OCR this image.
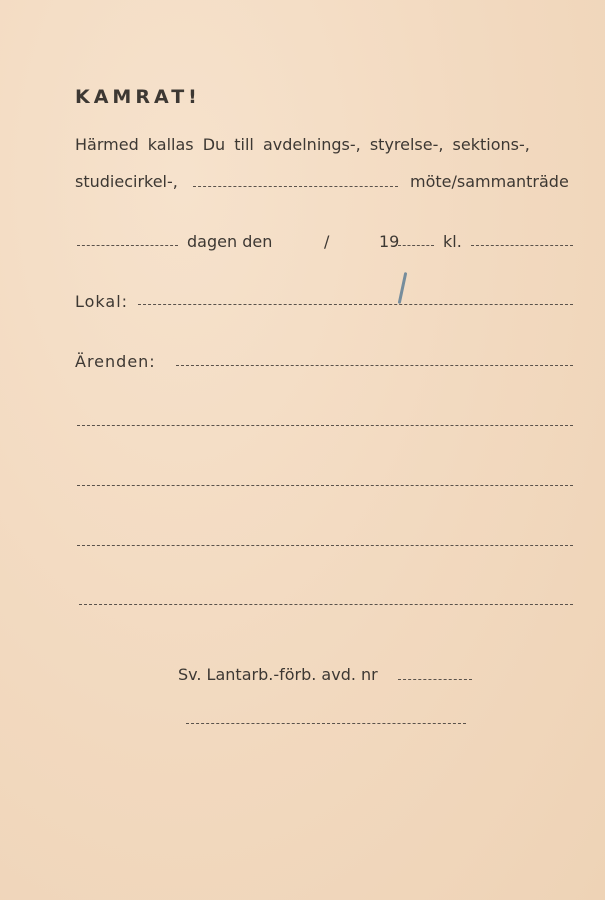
KAMRAT!
Härmed kallas Du till avdelnings-, styrelse-, sektions-,
studiecirkel-,	möte/sammanträde
dagen den	/	19	kl.
Lokal:
Ärenden:
Sv. Lantarb.-förb. avd. nr
